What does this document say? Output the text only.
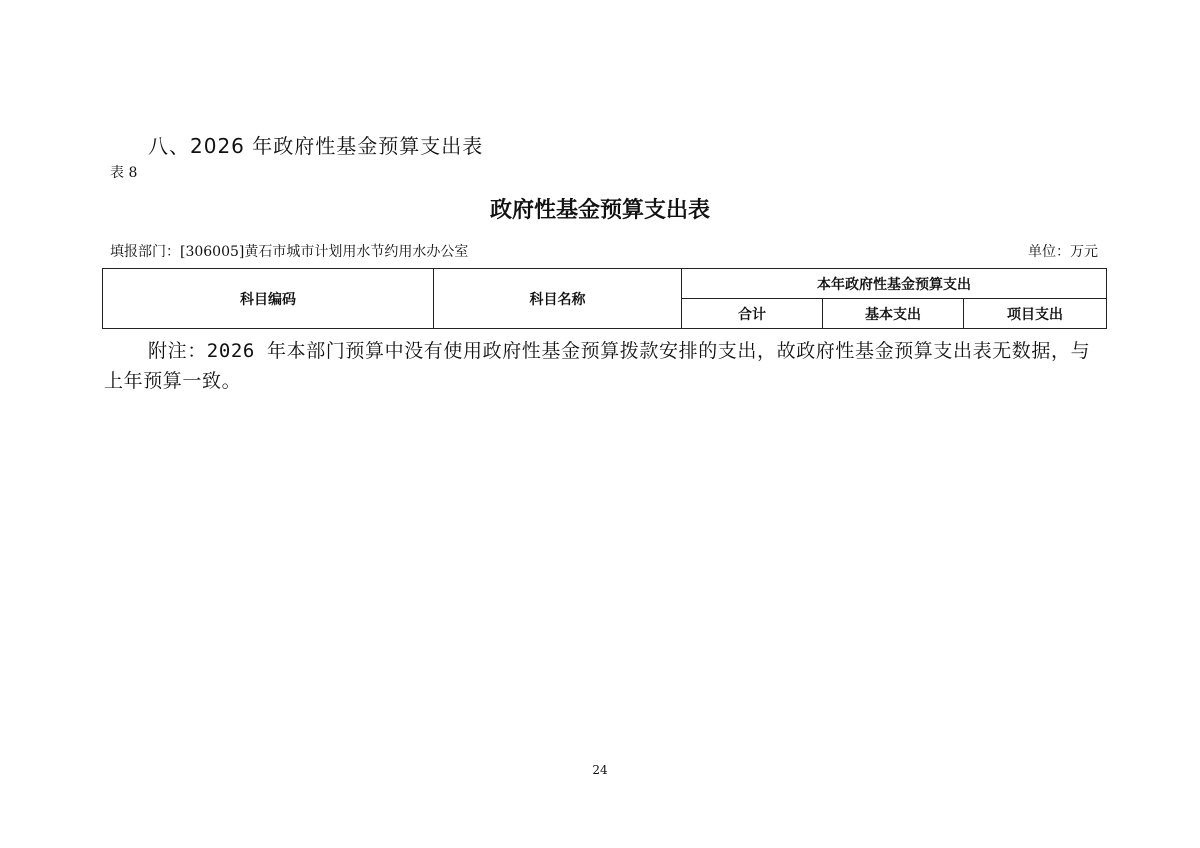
八、2026 年政府性基金预算支出表
表 8
政府性基金预算支出表
填报部门：[306005]黄石市城市计划用水节约用水办公室	单位：万元
科目编码	科目名称	本年政府性基金预算支出		
		合计	基本支出	项目支出
附注：2026 年本部门预算中没有使用政府性基金预算拨款安排的支出，故政府性基金预算支出表无数据，与上年预算一致。
24
